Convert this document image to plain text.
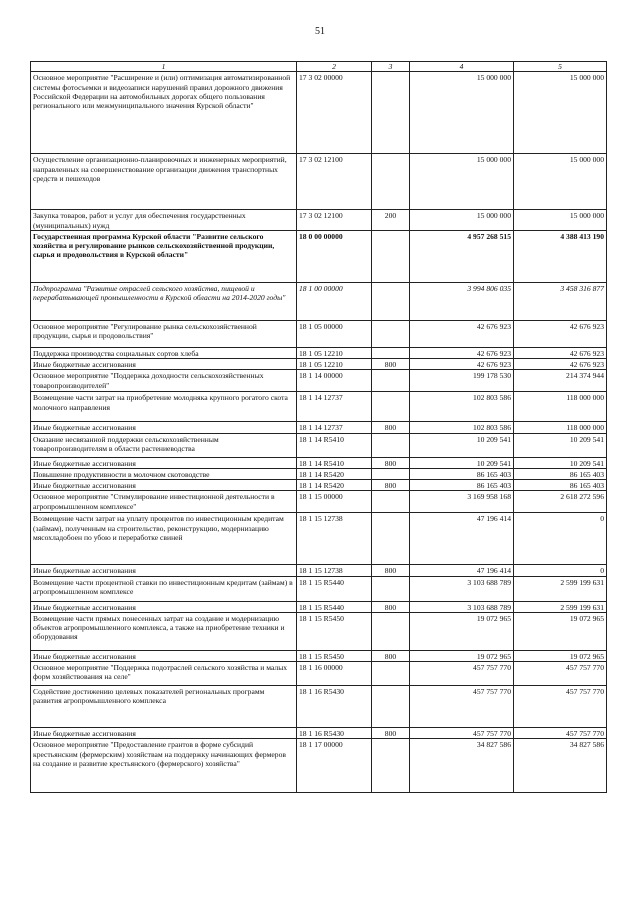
51
1	2	3	4	5
Основное мероприятие "Расширение и (или) оптимизация автоматизированной системы фотосъемки и видеозаписи нарушений правил дорожного движения Российской Федерации на автомобильных дорогах общего пользования регионального или межмуниципального значения Курской области"	17 3 02 00000		15 000 000	15 000 000
Осуществление организационно-планировочных и инженерных мероприятий, направленных на совершенствование организации движения транспортных средств и пешеходов	17 3 02 12100		15 000 000	15 000 000
Закупка товаров, работ и услуг для обеспечения государственных (муниципальных) нужд	17 3 02 12100	200	15 000 000	15 000 000
Государственная программа Курской области "Развитие сельского хозяйства и регулирование рынков сельскохозяйственной продукции, сырья и продовольствия в Курской области"	18 0 00 00000		4 957 268 515	4 388 413 190
Подпрограмма "Развитие отраслей сельского хозяйства, пищевой и перерабатывающей промышленности в Курской области на 2014-2020 годы"	18 1 00 00000		3 994 806 035	3 458 316 877
Основное мероприятие "Регулирование рынка сельскохозяйственной продукции, сырья и продовольствия"	18 1 05 00000		42 676 923	42 676 923
Поддержка производства социальных сортов хлеба	18 1 05 12210		42 676 923	42 676 923
Иные бюджетные ассигнования	18 1 05 12210	800	42 676 923	42 676 923
Основное мероприятие "Поддержка доходности сельскохозяйственных товаропроизводителей"	18 1 14 00000		199 178 530	214 374 944
Возмещение части затрат на приобретение молодняка крупного рогатого скота молочного направления	18 1 14 12737		102 803 586	118 000 000
Иные бюджетные ассигнования	18 1 14 12737	800	102 803 586	118 000 000
Оказание несвязанной поддержки сельскохозяйственным товаропроизводителям в области растениеводства	18 1 14 R5410		10 209 541	10 209 541
Иные бюджетные ассигнования	18 1 14 R5410	800	10 209 541	10 209 541
Повышение продуктивности в молочном скотоводстве	18 1 14 R5420		86 165 403	86 165 403
Иные бюджетные ассигнования	18 1 14 R5420	800	86 165 403	86 165 403
Основное мероприятие "Стимулирование инвестиционной деятельности в агропромышленном комплексе"	18 1 15 00000		3 169 958 168	2 618 272 596
Возмещение части затрат на уплату процентов по инвестиционным кредитам (займам), полученным на строительство, реконструкцию, модернизацию мясохладобоен по убою и переработке свиней	18 1 15 12738		47 196 414	0
Иные бюджетные ассигнования	18 1 15 12738	800	47 196 414	0
Возмещение части процентной ставки по инвестиционным кредитам (займам) в агропромышленном комплексе	18 1 15 R5440		3 103 688 789	2 599 199 631
Иные бюджетные ассигнования	18 1 15 R5440	800	3 103 688 789	2 599 199 631
Возмещение части прямых понесенных затрат на создание и модернизацию объектов агропромышленного комплекса, а также на приобретение техники и оборудования	18 1 15 R5450		19 072 965	19 072 965
Иные бюджетные ассигнования	18 1 15 R5450	800	19 072 965	19 072 965
Основное мероприятие "Поддержка подотраслей сельского хозяйства и малых форм хозяйствования на селе"	18 1 16 00000		457 757 770	457 757 770
Содействие достижению целевых показателей региональных программ развития агропромышленного комплекса	18 1 16 R5430		457 757 770	457 757 770
Иные бюджетные ассигнования	18 1 16 R5430	800	457 757 770	457 757 770
Основное мероприятие "Предоставление грантов в форме субсидий крестьянским (фермерским) хозяйствам на поддержку начинающих фермеров на создание и развитие крестьянского (фермерского) хозяйства"	18 1 17 00000		34 827 586	34 827 586
